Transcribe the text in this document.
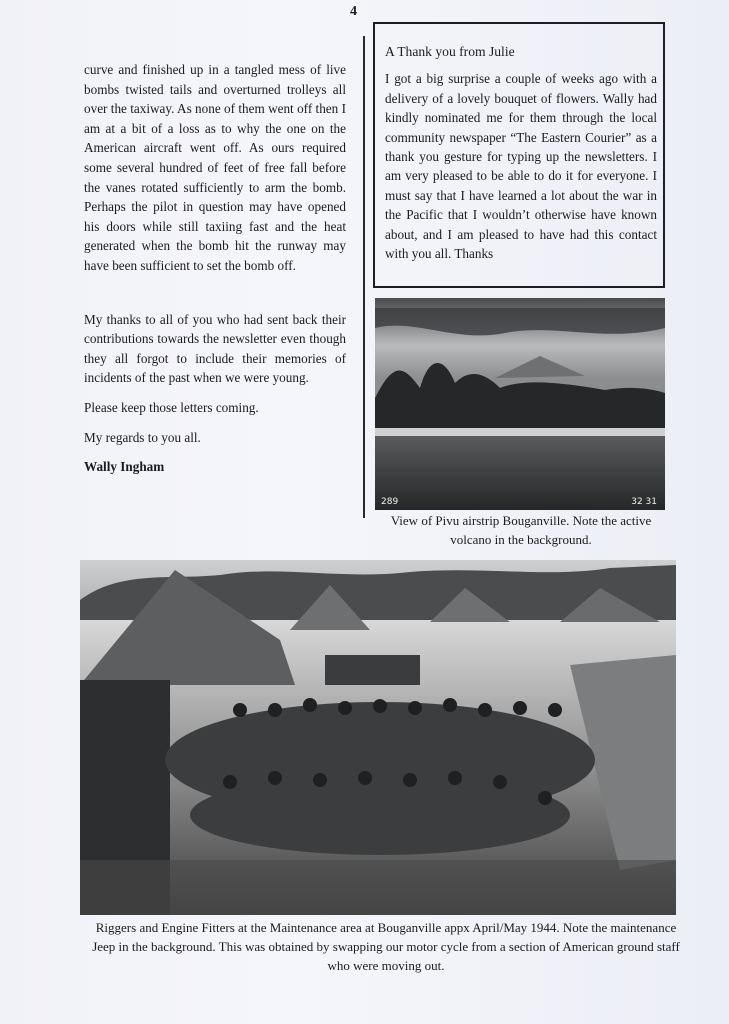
4

curve and finished up in a tangled mess of live bombs twisted tails and overturned trolleys all over the taxiway. As none of them went off then I am at a bit of a loss as to why the one on the American aircraft went off. As ours required some several hundred of feet of free fall before the vanes rotated sufficiently to arm the bomb. Perhaps the pilot in question may have opened his doors while still taxiing fast and the heat generated when the bomb hit the runway may have been sufficient to set the bomb off.

My thanks to all of you who had sent back their contributions towards the newsletter even though they all forgot to include their memories of incidents of the past when we were young.

Please keep those letters coming.

My regards to you all.

Wally Ingham

A Thank you from Julie

I got a big surprise a couple of weeks ago with a delivery of a lovely bouquet of flowers. Wally had kindly nominated me for them through the local community newspaper “The Eastern Courier” as a thank you gesture for typing up the newsletters. I am very pleased to be able to do it for everyone. I must say that I have learned a lot about the war in the Pacific that I wouldn’t otherwise have known about, and I am pleased to have had this contact with you all. Thanks

289	32 31
View of Pivu airstrip Bouganville. Note the active volcano in the background.
Riggers and Engine Fitters at the Maintenance area at Bouganville appx April/May 1944. Note the maintenance Jeep in the background. This was obtained by swapping our motor cycle from a section of American ground staff who were moving out.
